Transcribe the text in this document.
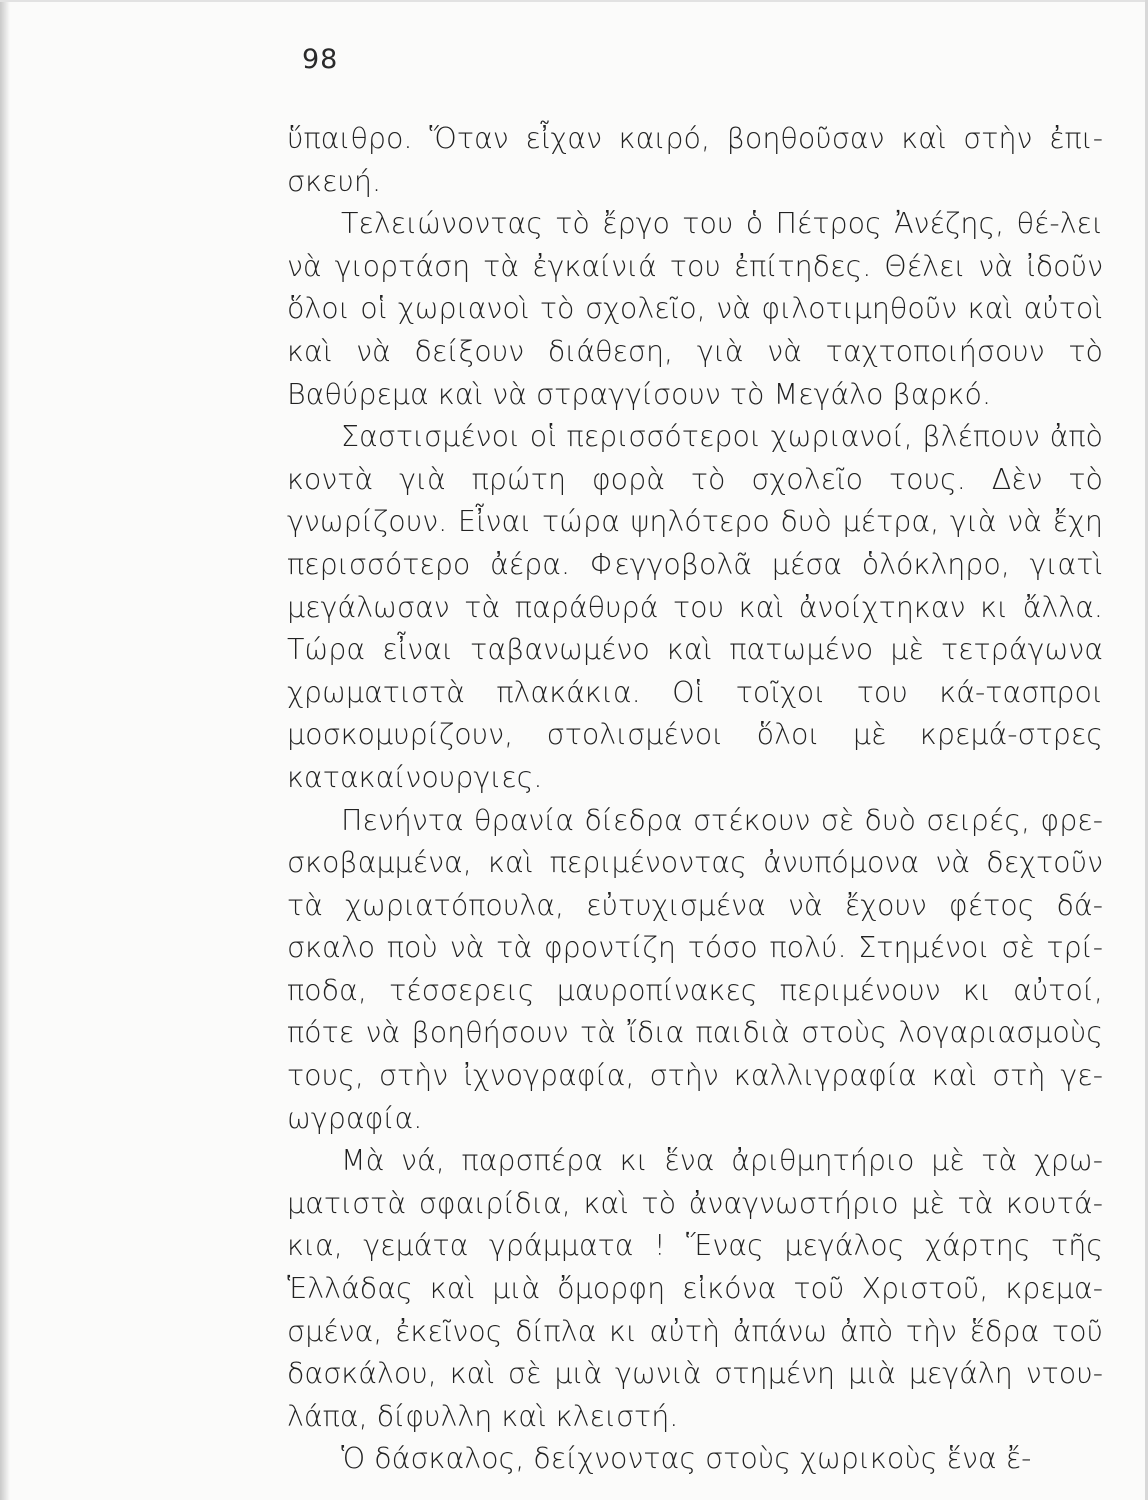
98

ὕπαιθρο. Ὅταν εἶχαν καιρό, βοηθοῦσαν καὶ στὴν ἐπι-σκευή.

Τελειώνοντας τὸ ἔργο του ὁ Πέτρος Ἀνέζης, θέ-λει νὰ γιορτάση τὰ ἐγκαίνιά του ἐπίτηδες. Θέλει νὰ ἰδοῦν ὅλοι οἱ χωριανοὶ τὸ σχολεῖο, νὰ φιλοτιμηθοῦν καὶ αὐτοὶ καὶ νὰ δείξουν διάθεση, γιὰ νὰ ταχτοποιήσουν τὸ Βαθύρεμα καὶ νὰ στραγγίσουν τὸ Μεγάλο βαρκό.

Σαστισμένοι οἱ περισσότεροι χωριανοί, βλέπουν ἀπὸ κοντὰ γιὰ πρώτη φορὰ τὸ σχολεῖο τους. Δὲν τὸ γνωρίζουν. Εἶναι τώρα ψηλότερο δυὸ μέτρα, γιὰ νὰ ἔχη περισσότερο ἀέρα. Φεγγοβολᾶ μέσα ὁλόκληρο, γιατὶ μεγάλωσαν τὰ παράθυρά του καὶ ἀνοίχτηκαν κι ἄλλα. Τώρα εἶναι ταβανωμένο καὶ πατωμένο μὲ τετράγωνα χρωματιστὰ πλακάκια. Οἱ τοῖχοι του κά-τασπροι μοσκομυρίζουν, στολισμένοι ὅλοι μὲ κρεμά-στρες κατακαίνουργιες.

Πενήντα θρανία δίεδρα στέκουν σὲ δυὸ σειρές, φρε-σκοβαμμένα, καὶ περιμένοντας ἀνυπόμονα νὰ δεχτοῦν τὰ χωριατόπουλα, εὐτυχισμένα νὰ ἔχουν φέτος δά-σκαλο ποὺ νὰ τὰ φροντίζη τόσο πολύ. Στημένοι σὲ τρί-ποδα, τέσσερεις μαυροπίνακες περιμένουν κι αὐτοί, πότε νὰ βοηθήσουν τὰ ἴδια παιδιὰ στοὺς λογαριασμοὺς τους, στὴν ἰχνογραφία, στὴν καλλιγραφία καὶ στὴ γε-ωγραφία.

Μὰ νά, παρσπέρα κι ἕνα ἀριθμητήριο μὲ τὰ χρω-ματιστὰ σφαιρίδια, καὶ τὸ ἀναγνωστήριο μὲ τὰ κουτά-κια, γεμάτα γράμματα ! Ἕνας μεγάλος χάρτης τῆς Ἑλλάδας καὶ μιὰ ὄμορφη εἰκόνα τοῦ Χριστοῦ, κρεμα-σμένα, ἐκεῖνος δίπλα κι αὐτὴ ἀπάνω ἀπὸ τὴν ἕδρα τοῦ δασκάλου, καὶ σὲ μιὰ γωνιὰ στημένη μιὰ μεγάλη ντου-λάπα, δίφυλλη καὶ κλειστή.

Ὁ δάσκαλος, δείχνοντας στοὺς χωρικοὺς ἕνα ἔ-
